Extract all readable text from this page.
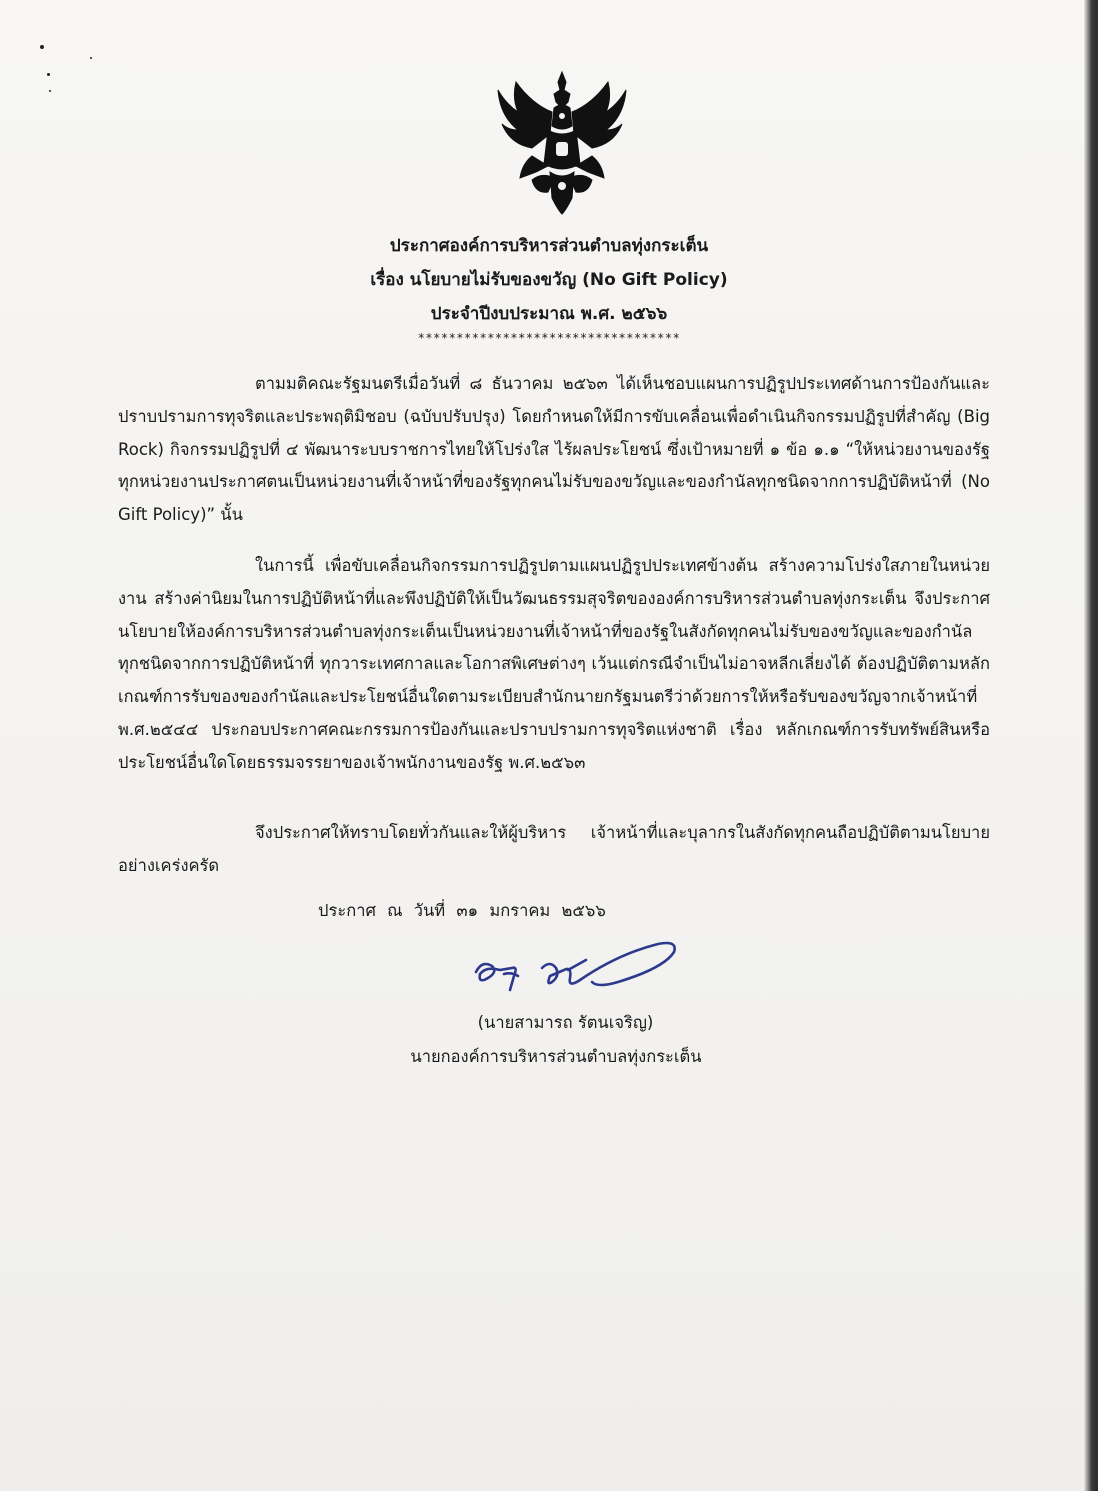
ประกาศองค์การบริหารส่วนตำบลทุ่งกระเต็น
เรื่อง นโยบายไม่รับของขวัญ (No Gift Policy)
ประจำปีงบประมาณ พ.ศ. ๒๕๖๖
**********************************
ตามมติคณะรัฐมนตรีเมื่อวันที่ ๘ ธันวาคม ๒๕๖๓ ได้เห็นชอบแผนการปฏิรูปประเทศด้านการป้องกันและปราบปรามการทุจริตและประพฤติมิชอบ (ฉบับปรับปรุง) โดยกำหนดให้มีการขับเคลื่อนเพื่อดำเนินกิจกรรมปฏิรูปที่สำคัญ (Big Rock) กิจกรรมปฏิรูปที่ ๔ พัฒนาระบบราชการไทยให้โปร่งใส ไร้ผลประโยชน์ ซึ่งเป้าหมายที่ ๑ ข้อ ๑.๑ “ให้หน่วยงานของรัฐทุกหน่วยงานประกาศตนเป็นหน่วยงานที่เจ้าหน้าที่ของรัฐทุกคนไม่รับของขวัญและของกำนัลทุกชนิดจากการปฏิบัติหน้าที่ (No Gift Policy)” นั้น
ในการนี้ เพื่อขับเคลื่อนกิจกรรมการปฏิรูปตามแผนปฏิรูปประเทศข้างต้น สร้างความโปร่งใสภายในหน่วยงาน สร้างค่านิยมในการปฏิบัติหน้าที่และพึงปฏิบัติให้เป็นวัฒนธรรมสุจริตขององค์การบริหารส่วนตำบลทุ่งกระเต็น จึงประกาศนโยบายให้องค์การบริหารส่วนตำบลทุ่งกระเต็นเป็นหน่วยงานที่เจ้าหน้าที่ของรัฐในสังกัดทุกคนไม่รับของขวัญและของกำนัลทุกชนิดจากการปฏิบัติหน้าที่ ทุกวาระเทศกาลและโอกาสพิเศษต่างๆ เว้นแต่กรณีจำเป็นไม่อาจหลีกเลี่ยงได้ ต้องปฏิบัติตามหลักเกณฑ์การรับของของกำนัลและประโยชน์อื่นใดตามระเบียบสำนักนายกรัฐมนตรีว่าด้วยการให้หรือรับของขวัญจากเจ้าหน้าที่ พ.ศ.๒๕๔๔ ประกอบประกาศคณะกรรมการป้องกันและปราบปรามการทุจริตแห่งชาติ เรื่อง หลักเกณฑ์การรับทรัพย์สินหรือประโยชน์อื่นใดโดยธรรมจรรยาของเจ้าพนักงานของรัฐ พ.ศ.๒๕๖๓
จึงประกาศให้ทราบโดยทั่วกันและให้ผู้บริหาร เจ้าหน้าที่และบุลากรในสังกัดทุกคนถือปฏิบัติตามนโยบายอย่างเคร่งครัด
ประกาศ ณ วันที่ ๓๑ มกราคม ๒๕๖๖
(นายสามารถ รัตนเจริญ)
นายกองค์การบริหารส่วนตำบลทุ่งกระเต็น
